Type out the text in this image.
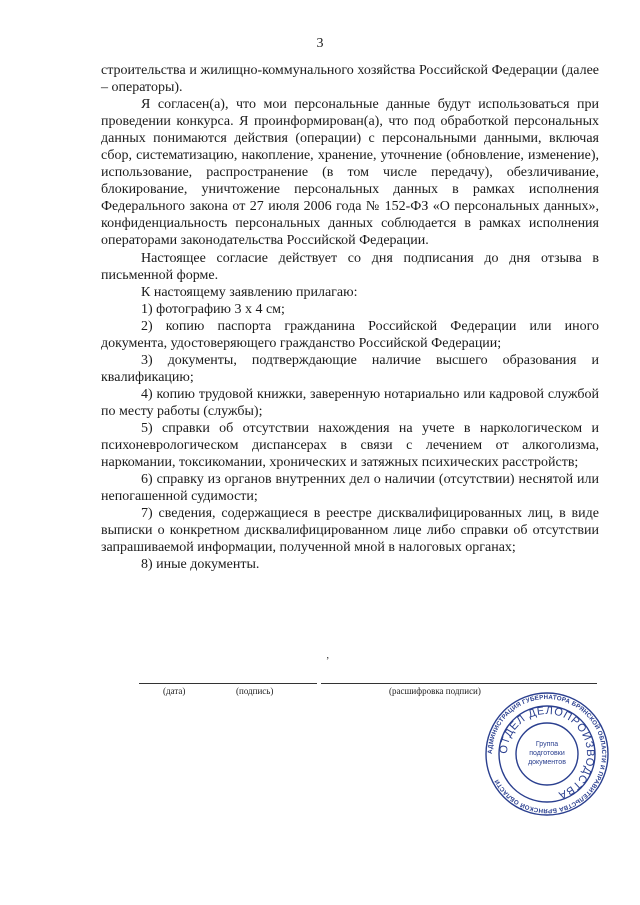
3

строительства и жилищно-коммунального хозяйства Российской Федерации (далее – операторы).

Я согласен(а), что мои персональные данные будут использоваться при проведении конкурса. Я проинформирован(а), что под обработкой персональных данных понимаются действия (операции) с персональными данными, включая сбор, систематизацию, накопление, хранение, уточнение (обновление, изменение), использование, распространение (в том числе передачу), обезличивание, блокирование, уничтожение персональных данных в рамках исполнения Федерального закона от 27 июля 2006 года № 152-ФЗ «О персональных данных», конфиденциальность персональных данных соблюдается в рамках исполнения операторами законодательства Российской Федерации.

Настоящее согласие действует со дня подписания до дня отзыва в письменной форме.

К настоящему заявлению прилагаю:

1) фотографию 3 х 4 см;

2) копию паспорта гражданина Российской Федерации или иного документа, удостоверяющего гражданство Российской Федерации;

3) документы, подтверждающие наличие высшего образования и квалификацию;

4) копию трудовой книжки, заверенную нотариально или кадровой службой по месту работы (службы);

5) справки об отсутствии нахождения на учете в наркологическом и психоневрологическом диспансерах в связи с лечением от алкоголизма, наркомании, токсикомании, хронических и затяжных психических расстройств;

6) справку из органов внутренних дел о наличии (отсутствии) неснятой или непогашенной судимости;

7) сведения, содержащиеся в реестре дисквалифицированных лиц, в виде выписки о конкретном дисквалифицированном лице либо справки об отсутствии запрашиваемой информации, полученной мной в налоговых органах;

8) иные документы.

ʼ
(дата)	(подпись)	(расшифровка подписи)
АДМИНИСТРАЦИЯ ГУБЕРНАТОРА БРЯНСКОЙ ОБЛАСТИ И ПРАВИТЕЛЬСТВА БРЯНСКОЙ ОБЛАСТИ
ОТДЕЛ ДЕЛОПРОИЗВОДСТВА
Группа
подготовки
документов
